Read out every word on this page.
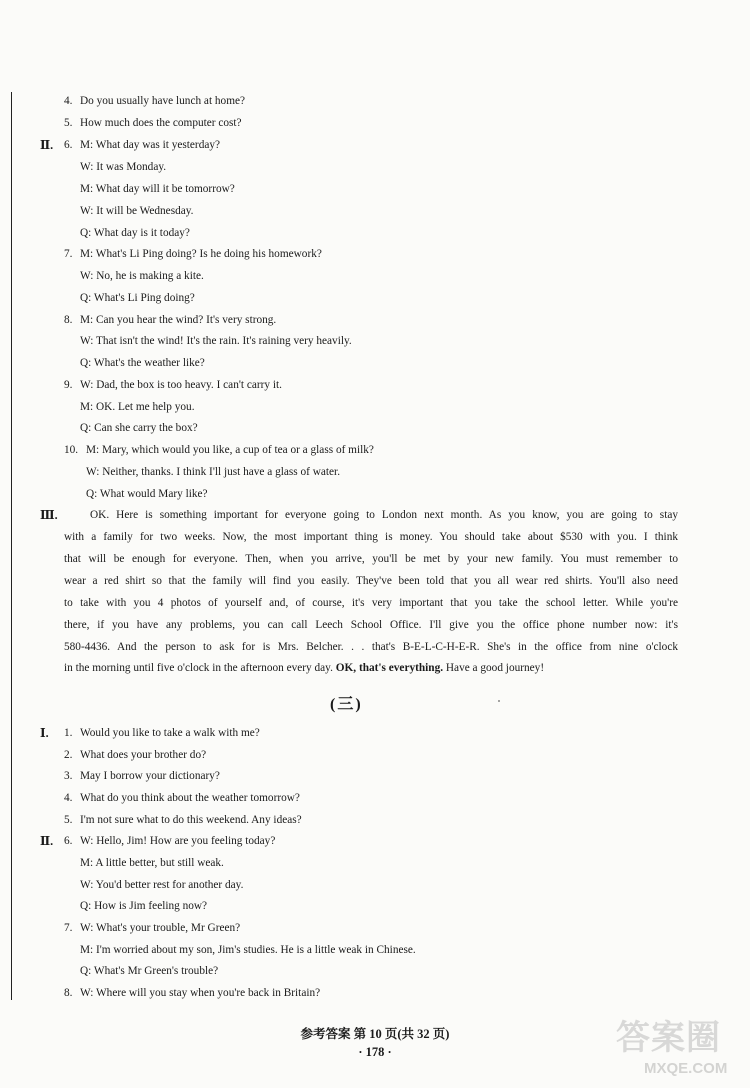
4. Do you usually have lunch at home?
5. How much does the computer cost?
Ⅱ. 6. M: What day was it yesterday?
W: It was Monday.
M: What day will it be tomorrow?
W: It will be Wednesday.
Q: What day is it today?
7. M: What's Li Ping doing? Is he doing his homework?
W: No, he is making a kite.
Q: What's Li Ping doing?
8. M: Can you hear the wind? It's very strong.
W: That isn't the wind! It's the rain. It's raining very heavily.
Q: What's the weather like?
9. W: Dad, the box is too heavy. I can't carry it.
M: OK. Let me help you.
Q: Can she carry the box?
10. M: Mary, which would you like, a cup of tea or a glass of milk?
W: Neither, thanks. I think I'll just have a glass of water.
Q: What would Mary like?
Ⅲ.	OK. Here is something important for everyone going to London next month. As you know, you are going to stay
with a family for two weeks. Now, the most important thing is money. You should take about $530 with you. I think
that will be enough for everyone. Then, when you arrive, you'll be met by your new family. You must remember to
wear a red shirt so that the family will find you easily. They've been told that you all wear red shirts. You'll also need
to take with you 4 photos of yourself and, of course, it's very important that you take the school letter. While you're
there, if you have any problems, you can call Leech School Office. I'll give you the office phone number now: it's
580-4436. And the person to ask for is Mrs. Belcher. . . that's B-E-L-C-H-E-R. She's in the office from nine o'clock
in the morning until five o'clock in the afternoon every day. OK, that's everything. Have a good journey!
(三)
Ⅰ. 1. Would you like to take a walk with me?
2. What does your brother do?
3. May I borrow your dictionary?
4. What do you think about the weather tomorrow?
5. I'm not sure what to do this weekend. Any ideas?
Ⅱ. 6. W: Hello, Jim! How are you feeling today?
M: A little better, but still weak.
W: You'd better rest for another day.
Q: How is Jim feeling now?
7. W: What's your trouble, Mr Green?
M: I'm worried about my son, Jim's studies. He is a little weak in Chinese.
Q: What's Mr Green's trouble?
8. W: Where will you stay when you're back in Britain?
参考答案 第 10 页(共 32 页)
· 178 ·	答案圈
MXQE.COM
